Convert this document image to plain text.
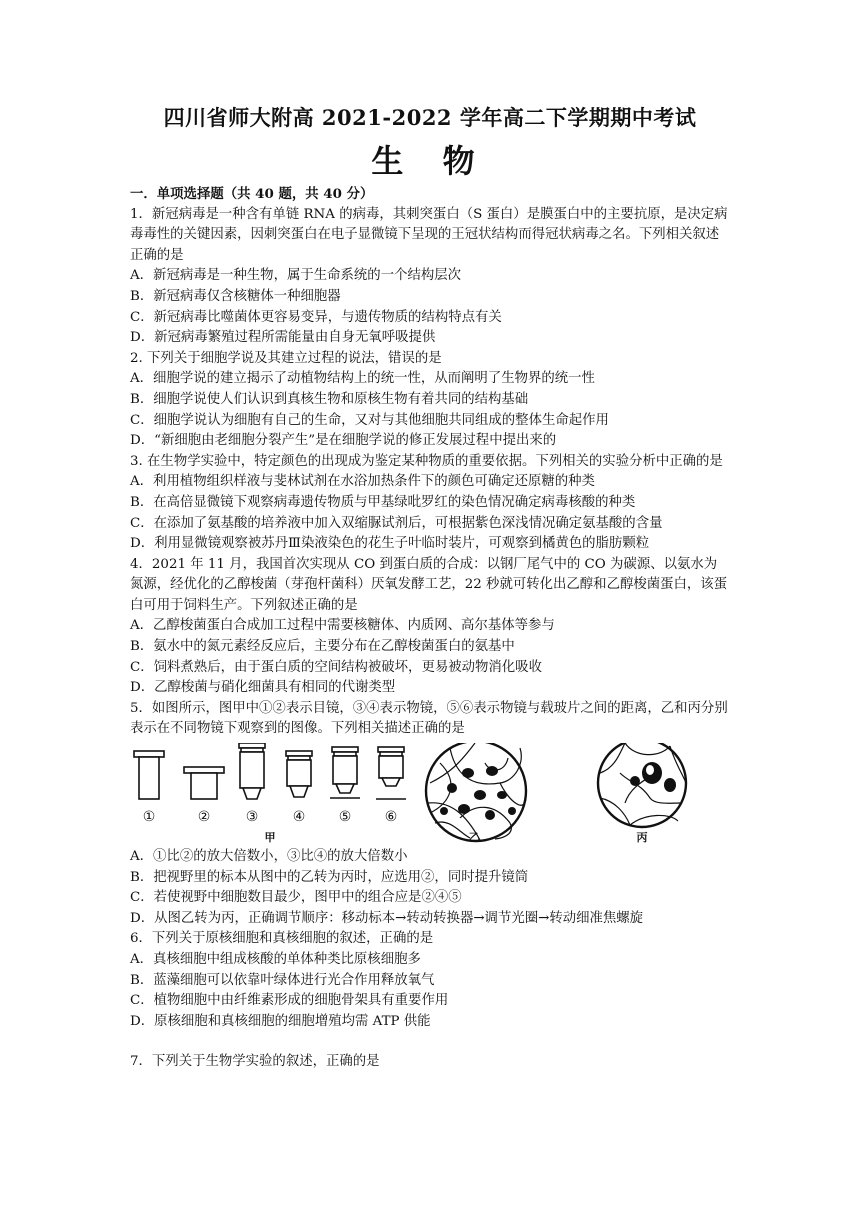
四川省师大附高 2021-2022 学年高二下学期期中考试
生 物
一．单项选择题（共 40 题，共 40 分）

1．新冠病毒是一种含有单链 RNA 的病毒，其刺突蛋白（S 蛋白）是膜蛋白中的主要抗原，是决定病毒毒性的关键因素，因刺突蛋白在电子显微镜下呈现的王冠状结构而得冠状病毒之名。下列相关叙述正确的是

A．新冠病毒是一种生物，属于生命系统的一个结构层次

B．新冠病毒仅含核糖体一种细胞器

C．新冠病毒比噬菌体更容易变异，与遗传物质的结构特点有关

D．新冠病毒繁殖过程所需能量由自身无氧呼吸提供

2. 下列关于细胞学说及其建立过程的说法，错误的是

A．细胞学说的建立揭示了动植物结构上的统一性，从而阐明了生物界的统一性

B．细胞学说使人们认识到真核生物和原核生物有着共同的结构基础

C．细胞学说认为细胞有自己的生命，又对与其他细胞共同组成的整体生命起作用

D．“新细胞由老细胞分裂产生”是在细胞学说的修正发展过程中提出来的

3. 在生物学实验中，特定颜色的出现成为鉴定某种物质的重要依据。下列相关的实验分析中正确的是

A．利用植物组织样液与斐林试剂在水浴加热条件下的颜色可确定还原糖的种类

B．在高倍显微镜下观察病毒遗传物质与甲基绿吡罗红的染色情况确定病毒核酸的种类

C．在添加了氨基酸的培养液中加入双缩脲试剂后，可根据紫色深浅情况确定氨基酸的含量

D．利用显微镜观察被苏丹Ⅲ染液染色的花生子叶临时装片，可观察到橘黄色的脂肪颗粒

4．2021 年 11 月，我国首次实现从 CO 到蛋白质的合成：以钢厂尾气中的 CO 为碳源、以氨水为氮源，经优化的乙醇梭菌（芽孢杆菌科）厌氧发酵工艺，22 秒就可转化出乙醇和乙醇梭菌蛋白，该蛋白可用于饲料生产。下列叙述正确的是

A．乙醇梭菌蛋白合成加工过程中需要核糖体、内质网、高尔基体等参与

B．氨水中的氮元素经反应后，主要分布在乙醇梭菌蛋白的氨基中

C．饲料煮熟后，由于蛋白质的空间结构被破坏，更易被动物消化吸收

D．乙醇梭菌与硝化细菌具有相同的代谢类型

5．如图所示，图甲中①②表示目镜，③④表示物镜，⑤⑥表示物镜与载玻片之间的距离，乙和丙分别表示在不同物镜下观察到的图像。下列相关描述正确的是

①	②	③ ④ ⑤ ⑥
甲	乙	丙

A．①比②的放大倍数小，③比④的放大倍数小

B．把视野里的标本从图中的乙转为丙时，应选用②，同时提升镜筒

C．若使视野中细胞数目最少，图甲中的组合应是②④⑤

D．从图乙转为丙，正确调节顺序：移动标本→转动转换器→调节光圈→转动细准焦螺旋

6．下列关于原核细胞和真核细胞的叙述，正确的是

A．真核细胞中组成核酸的单体种类比原核细胞多

B．蓝藻细胞可以依靠叶绿体进行光合作用释放氧气

C．植物细胞中由纤维素形成的细胞骨架具有重要作用

D．原核细胞和真核细胞的细胞增殖均需 ATP 供能

7．下列关于生物学实验的叙述，正确的是
